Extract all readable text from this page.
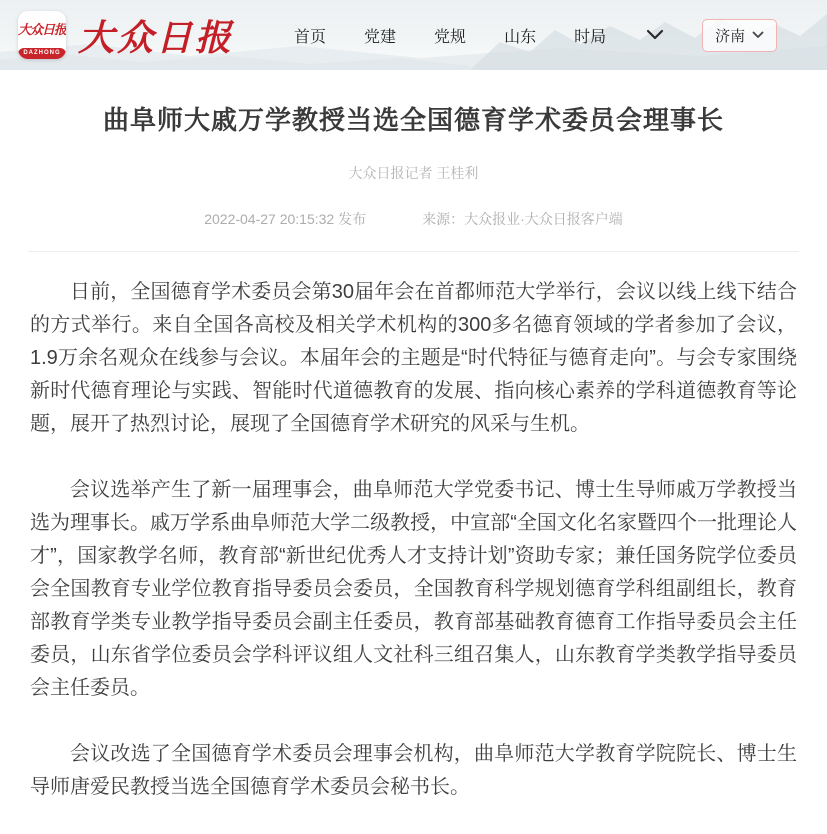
大众日报
DAZHONG 大众日报	首页 党建 党规 山东 时局	济南
曲阜师大戚万学教授当选全国德育学术委员会理事长
大众日报记者 王桂利
2022-04-27 20:15:32 发布	来源：大众报业·大众日报客户端

日前，全国德育学术委员会第30届年会在首都师范大学举行，会议以线上线下结合的方式举行。来自全国各高校及相关学术机构的300多名德育领域的学者参加了会议，1.9万余名观众在线参与会议。本届年会的主题是“时代特征与德育走向”。与会专家围绕新时代德育理论与实践、智能时代道德教育的发展、指向核心素养的学科道德教育等论题，展开了热烈讨论，展现了全国德育学术研究的风采与生机。

会议选举产生了新一届理事会，曲阜师范大学党委书记、博士生导师戚万学教授当选为理事长。戚万学系曲阜师范大学二级教授，中宣部“全国文化名家暨四个一批理论人才”，国家教学名师，教育部“新世纪优秀人才支持计划”资助专家；兼任国务院学位委员会全国教育专业学位教育指导委员会委员，全国教育科学规划德育学科组副组长，教育部教育学类专业教学指导委员会副主任委员，教育部基础教育德育工作指导委员会主任委员，山东省学位委员会学科评议组人文社科三组召集人，山东教育学类教学指导委员会主任委员。

会议改选了全国德育学术委员会理事会机构，曲阜师范大学教育学院院长、博士生导师唐爱民教授当选全国德育学术委员会秘书长。
